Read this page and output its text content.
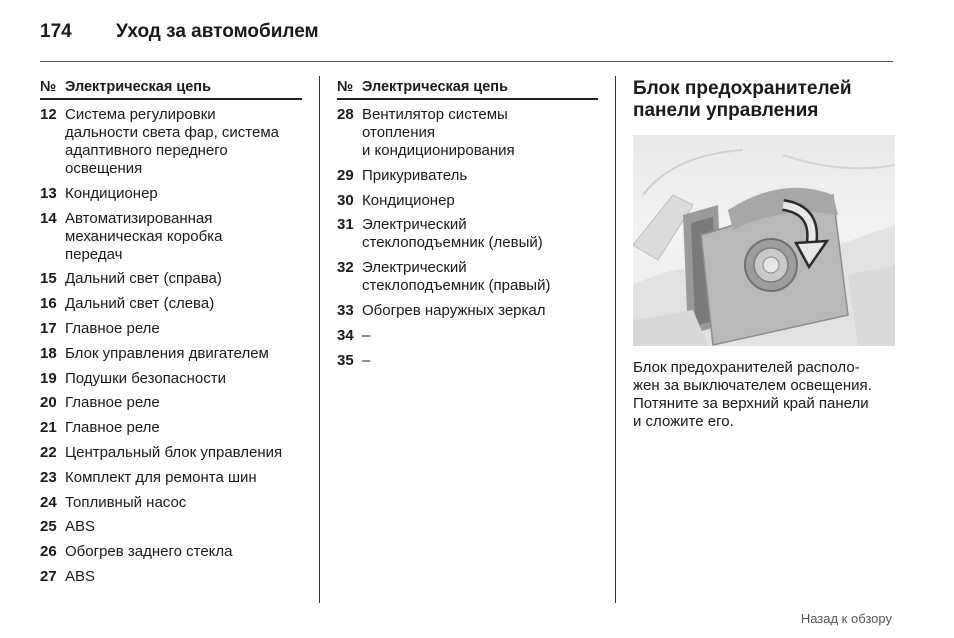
174 Уход за автомобилем
№ Электрическая цепь
12 Система регулировки
дальности света фар, система
адаптивного переднего
освещения
13 Кондиционер
14 Автоматизированная
механическая коробка
передач
15 Дальний свет (справа)
16 Дальний свет (слева)
17 Главное реле
18 Блок управления двигателем
19 Подушки безопасности
20 Главное реле
21 Главное реле
22 Центральный блок управления
23 Комплект для ремонта шин
24 Топливный насос
25 ABS
26 Обогрев заднего стекла
27 ABS
№ Электрическая цепь
28 Вентилятор системы
отопления
и кондиционирования
29 Прикуриватель
30 Кондиционер
31 Электрический
стеклоподъемник (левый)
32 Электрический
стеклоподъемник (правый)
33 Обогрев наружных зеркал
34 –
35 –
Блок предохранителей
панели управления
Блок предохранителей располо-
жен за выключателем освещения.
Потяните за верхний край панели
и сложите его.
Назад к обзору
